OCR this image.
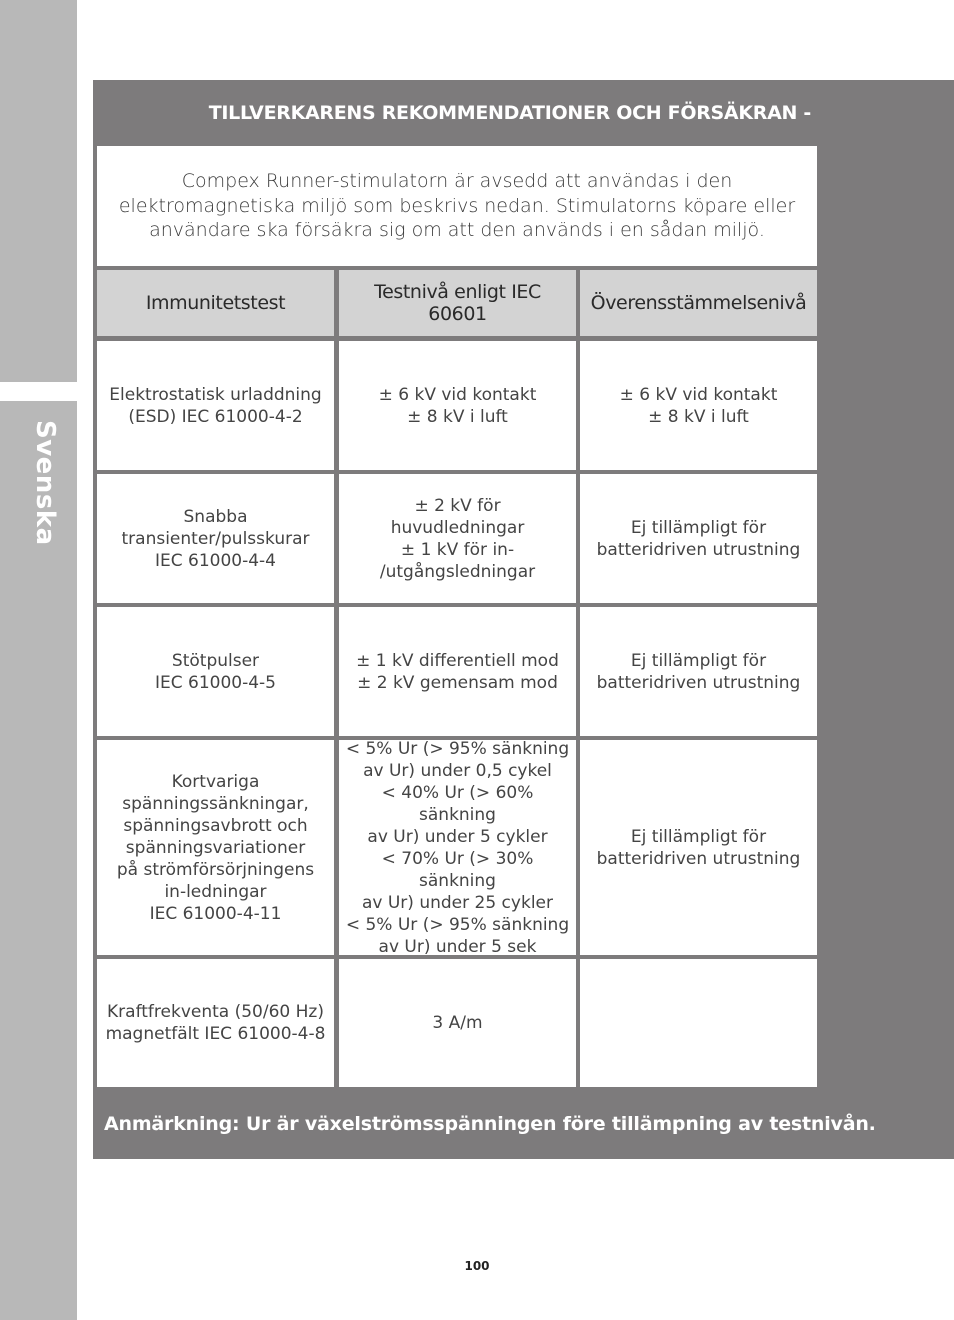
Svenska
TILLVERKARENS REKOMMENDATIONER OCH FÖRSÄKRAN -
Compex Runner-stimulatorn är avsedd att användas i den elektromagnetiska miljö som beskrivs nedan. Stimulatorns köpare eller användare ska försäkra sig om att den används i en sådan miljö.
Immunitetstest	Testnivå enligt IEC 60601	Överensstämmelsenivå
Elektrostatisk urladdning
(ESD) IEC 61000-4-2
± 6 kV vid kontakt
± 8 kV i luft
± 6 kV vid kontakt
± 8 kV i luft
Snabba
transienter/pulsskurar
IEC 61000-4-4
± 2 kV för huvudledningar
± 1 kV för in-
/utgångsledningar
Ej tillämpligt för
batteridriven utrustning
Stötpulser
IEC 61000-4-5
± 1 kV differentiell mod
± 2 kV gemensam mod
Ej tillämpligt för
batteridriven utrustning
Kortvariga
spänningssänkningar,
spänningsavbrott och
spänningsvariationer
på strömförsörjningens
in-ledningar
IEC 61000-4-11
< 5% Ur (> 95% sänkning
av Ur) under 0,5 cykel
< 40% Ur (> 60% sänkning
av Ur) under 5 cykler
< 70% Ur (> 30% sänkning
av Ur) under 25 cykler
< 5% Ur (> 95% sänkning
av Ur) under 5 sek
Ej tillämpligt för
batteridriven utrustning
Kraftfrekventa (50/60 Hz)
magnetfält IEC 61000-4-8
3 A/m
Anmärkning: Ur är växelströmsspänningen före tillämpning av testnivån.
100
